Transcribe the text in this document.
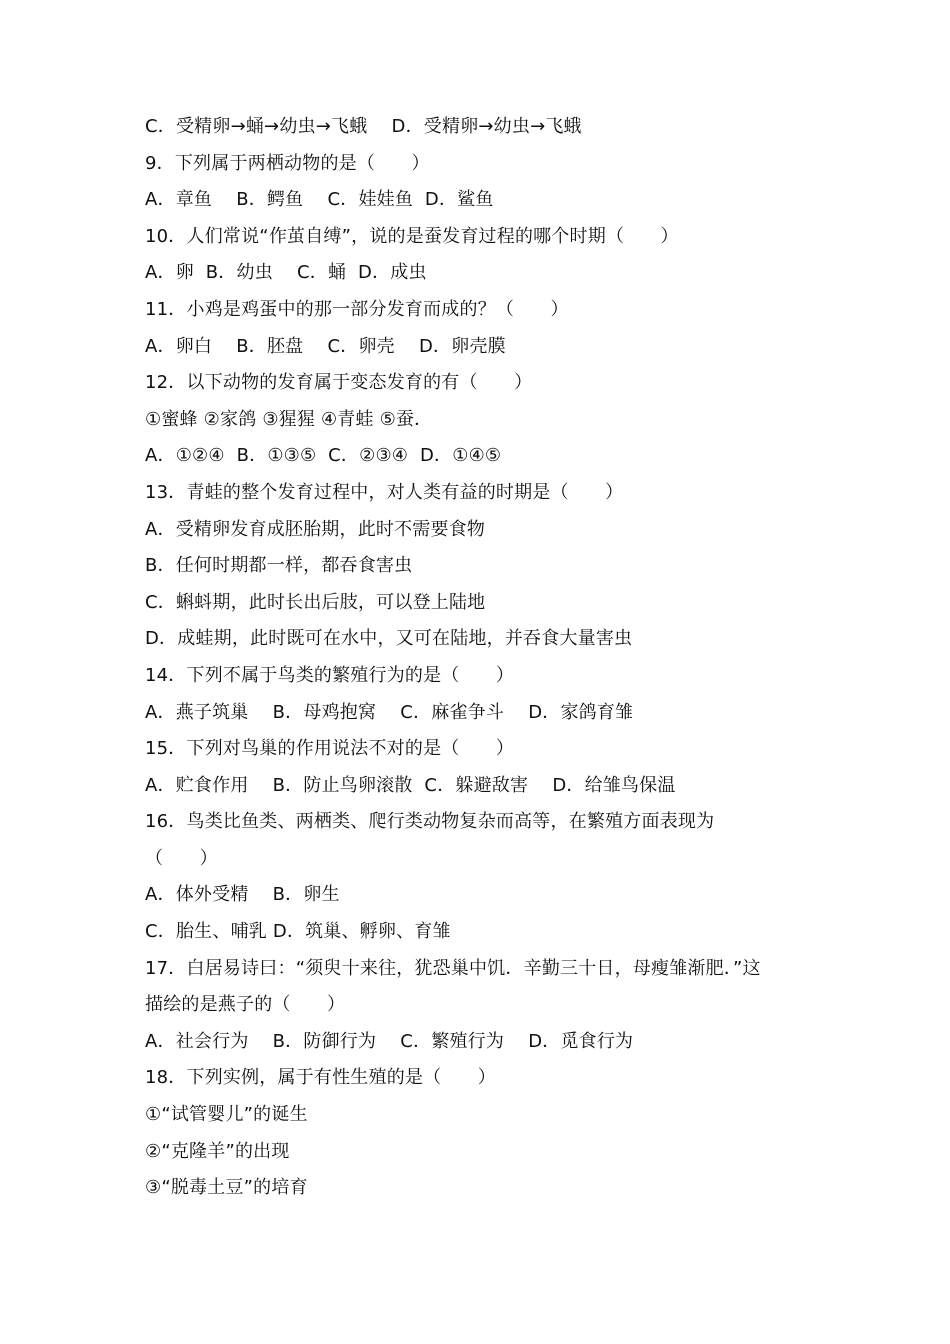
C．受精卵→蛹→幼虫→飞蛾　 D．受精卵→幼虫→飞蛾
9．下列属于两栖动物的是（　　）
A．章鱼　 B．鳄鱼　 C．娃娃鱼  D．鲨鱼
10．人们常说“作茧自缚”，说的是蚕发育过程的哪个时期（　　）
A．卵  B．幼虫　 C．蛹  D．成虫
11．小鸡是鸡蛋中的那一部分发育而成的？（　　）
A．卵白　 B．胚盘　 C．卵壳　 D．卵壳膜
12．以下动物的发育属于变态发育的有（　　）
①蜜蜂 ②家鸽 ③猩猩 ④青蛙 ⑤蚕．
A．①②④  B．①③⑤  C．②③④  D．①④⑤
13．青蛙的整个发育过程中，对人类有益的时期是（　　）
A．受精卵发育成胚胎期，此时不需要食物
B．任何时期都一样，都吞食害虫
C．蝌蚪期，此时长出后肢，可以登上陆地
D．成蛙期，此时既可在水中，又可在陆地，并吞食大量害虫
14．下列不属于鸟类的繁殖行为的是（　　）
A．燕子筑巢　 B．母鸡抱窝　 C．麻雀争斗　 D．家鸽育雏
15．下列对鸟巢的作用说法不对的是（　　）
A．贮食作用　 B．防止鸟卵滚散  C．躲避敌害　 D．给雏鸟保温
16．鸟类比鱼类、两栖类、爬行类动物复杂而高等，在繁殖方面表现为
（　　）
A．体外受精　 B．卵生
C．胎生、哺乳 D．筑巢、孵卵、育雏
17．白居易诗曰：“须臾十来往，犹恐巢中饥．辛勤三十日，母瘦雏渐肥．”这
描绘的是燕子的（　　）
A．社会行为　 B．防御行为　 C．繁殖行为　 D．觅食行为
18．下列实例，属于有性生殖的是（　　）
①“试管婴儿”的诞生
②“克隆羊”的出现
③“脱毒土豆”的培育
